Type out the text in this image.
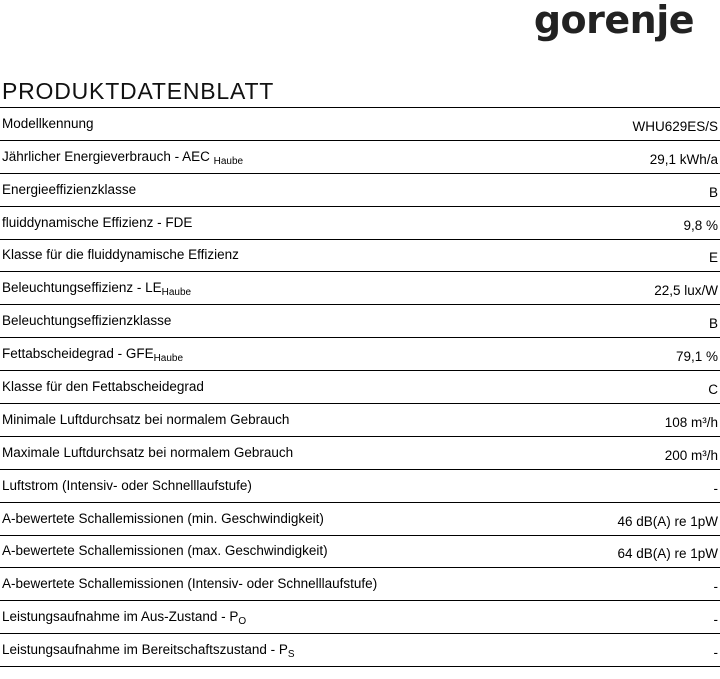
gorenje
PRODUKTDATENBLATT
Modellkennung	WHU629ES/S
Jährlicher Energieverbrauch - AEC $_{Haube}$	29,1 kWh/a
Energieeffizienzklasse	B
fluiddynamische Effizienz - FDE	9,8 %
Klasse für die fluiddynamische Effizienz	E
Beleuchtungseffizienz - $LE_{Haube}$	22,5 lux/W
Beleuchtungseffizienzklasse	B
Fettabscheidegrad - $GFE_{Haube}$	79,1 %
Klasse für den Fettabscheidegrad	C
Minimale Luftdurchsatz bei normalem Gebrauch	108 m³/h
Maximale Luftdurchsatz bei normalem Gebrauch	200 m³/h
Luftstrom (Intensiv- oder Schnelllaufstufe)	-
A-bewertete Schallemissionen (min. Geschwindigkeit)	46 dB(A) re 1pW
A-bewertete Schallemissionen (max. Geschwindigkeit)	64 dB(A) re 1pW
A-bewertete Schallemissionen (Intensiv- oder Schnelllaufstufe)	-
Leistungsaufnahme im $Aus-Zustand - P_O$	-
Leistungsaufnahme im Bereitschaftszustand - $P_S$	-
